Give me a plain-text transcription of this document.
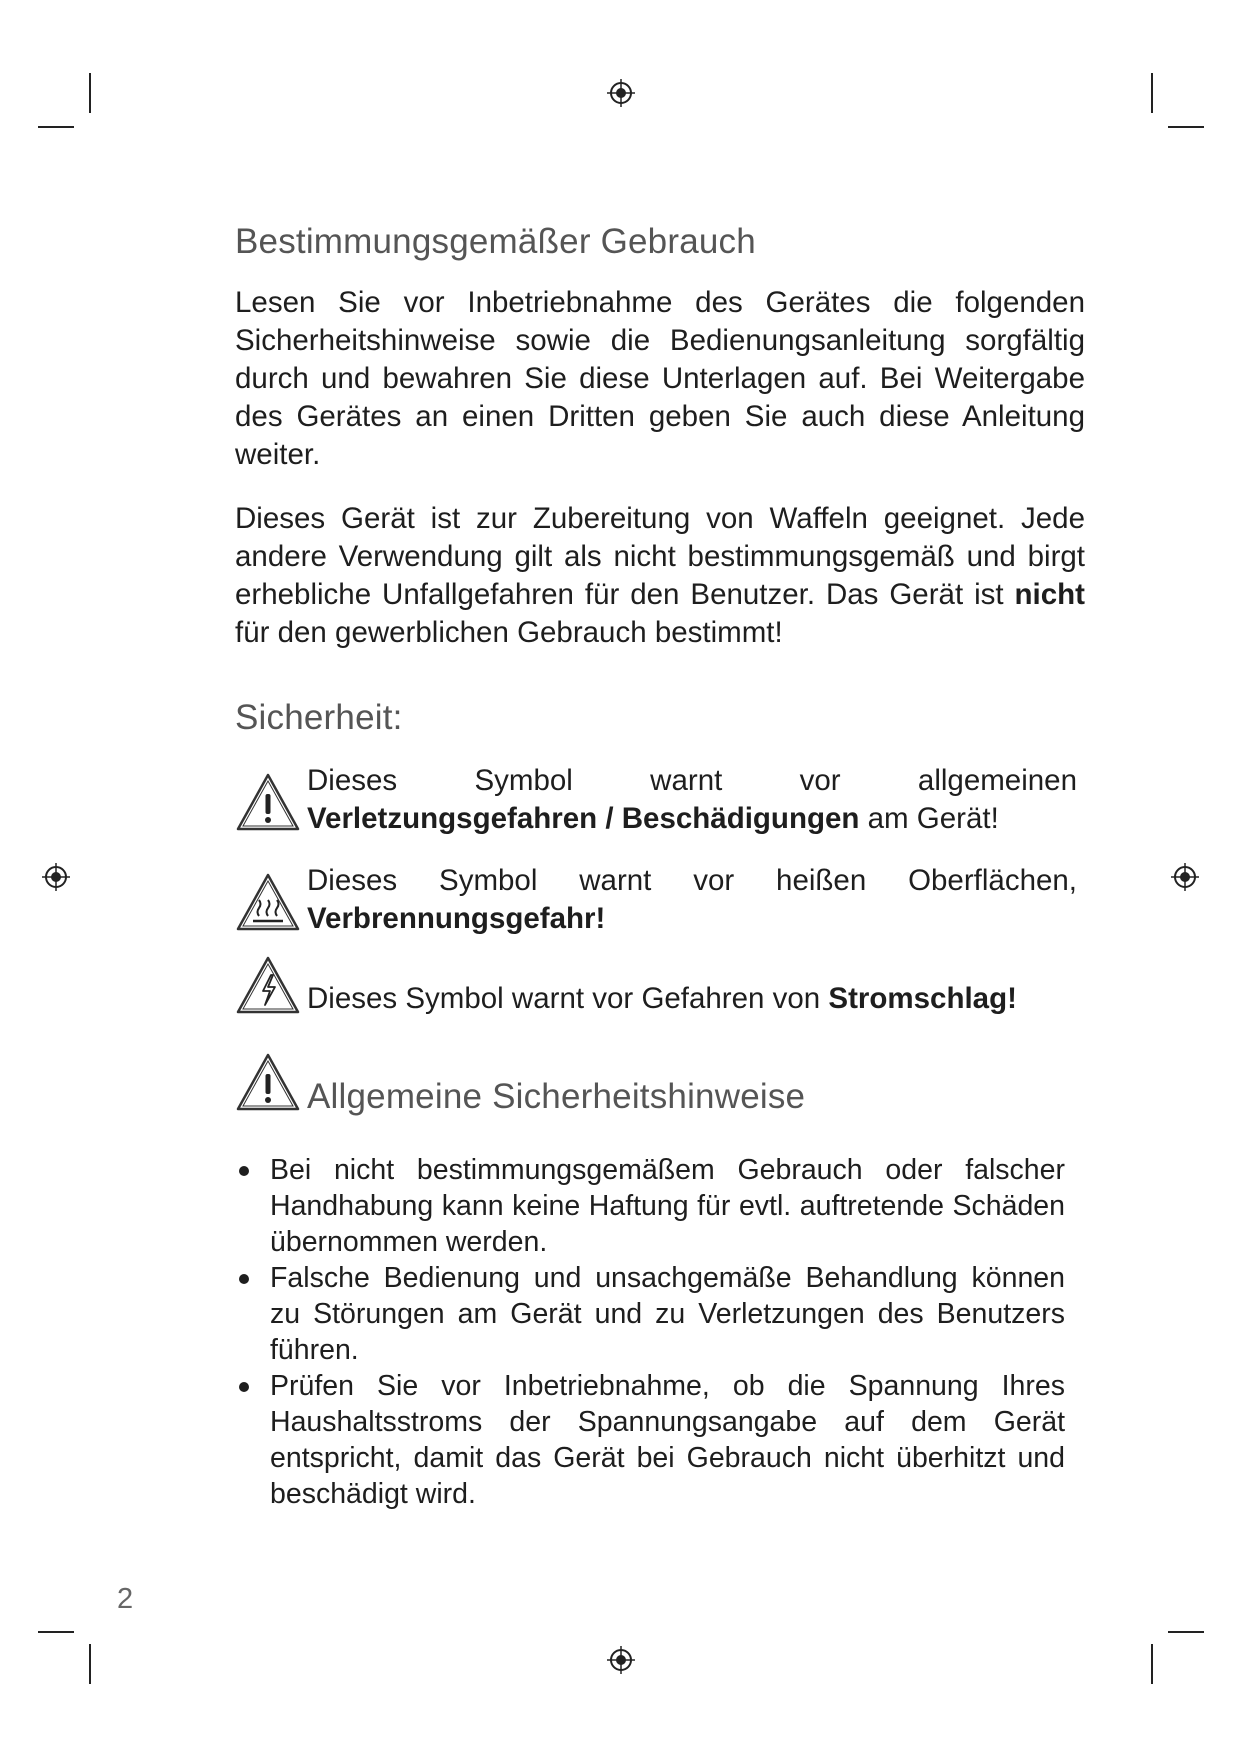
Bestimmungsgemäßer Gebrauch

Lesen Sie vor Inbetriebnahme des Gerätes die folgenden Sicherheitshinweise sowie die Bedienungsanleitung sorgfältig durch und bewahren Sie diese Unterlagen auf. Bei Weitergabe des Gerätes an einen Dritten geben Sie auch diese Anleitung weiter.

Dieses Gerät ist zur Zubereitung von Waffeln geeignet. Jede andere Verwendung gilt als nicht bestimmungsgemäß und birgt erhebliche Unfallgefahren für den Benutzer. Das Gerät ist nicht für den gewerblichen Gebrauch bestimmt!

Sicherheit:
Dieses Symbol warnt vor allgemeinen
Verletzungsgefahren / Beschädigungen am Gerät!
Dieses Symbol warnt vor heißen Oberflächen,
Verbrennungsgefahr!
Dieses Symbol warnt vor Gefahren von Stromschlag!
Allgemeine Sicherheitshinweise
Bei nicht bestimmungsgemäßem Gebrauch oder falscher Handhabung kann keine Haftung für evtl. auftretende Schäden übernommen werden.
Falsche Bedienung und unsachgemäße Behandlung können zu Störungen am Gerät und zu Verletzungen des Benutzers führen.
Prüfen Sie vor Inbetriebnahme, ob die Spannung Ihres Haushaltsstroms der Spannungsangabe auf dem Gerät entspricht, damit das Gerät bei Gebrauch nicht überhitzt und beschädigt wird.
2
